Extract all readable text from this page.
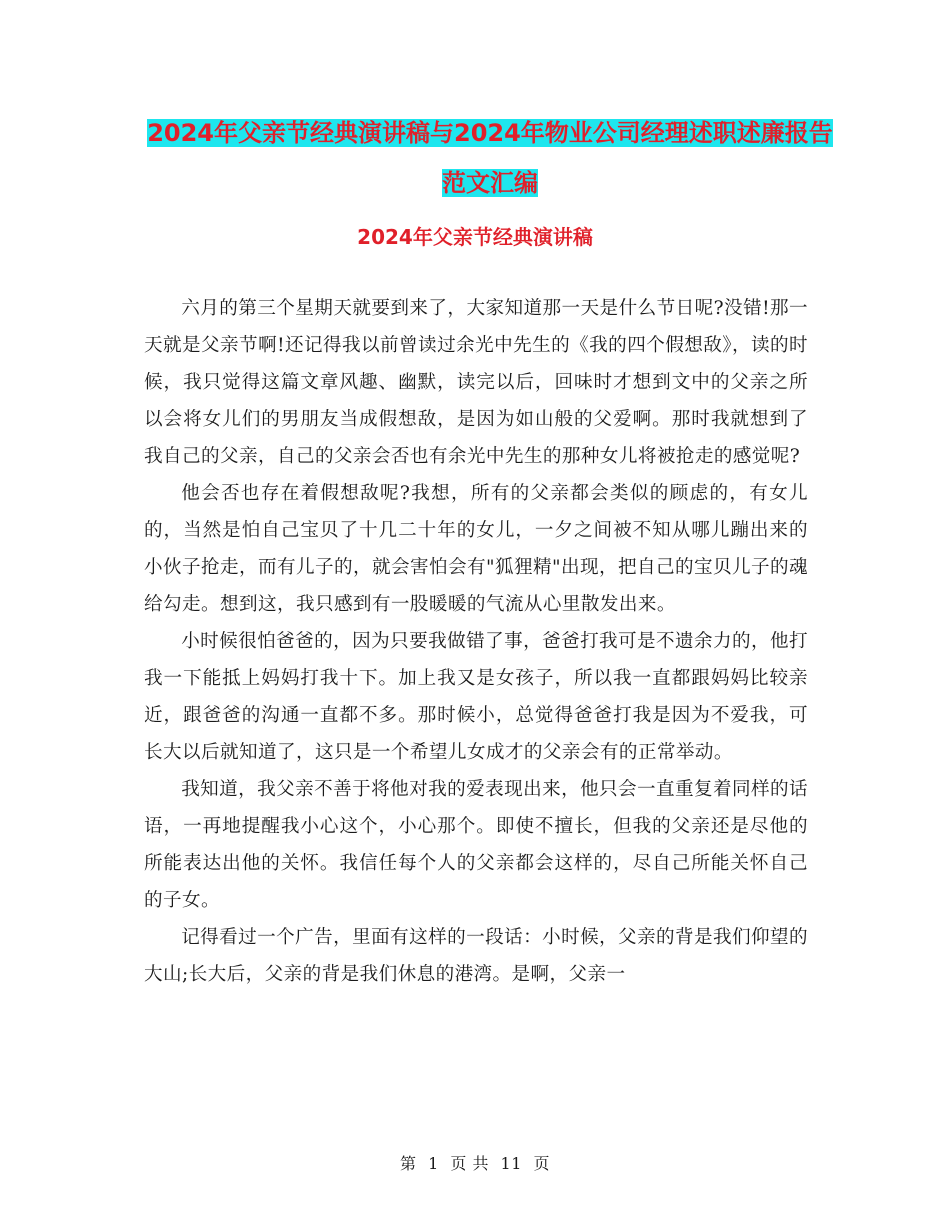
2024年父亲节经典演讲稿与2024年物业公司经理述职述廉报告范文汇编
2024年父亲节经典演讲稿

六月的第三个星期天就要到来了，大家知道那一天是什么节日呢?没错!那一天就是父亲节啊!还记得我以前曾读过余光中先生的《我的四个假想敌》，读的时候，我只觉得这篇文章风趣、幽默，读完以后，回味时才想到文中的父亲之所以会将女儿们的男朋友当成假想敌，是因为如山般的父爱啊。那时我就想到了我自己的父亲，自己的父亲会否也有余光中先生的那种女儿将被抢走的感觉呢?

他会否也存在着假想敌呢?我想，所有的父亲都会类似的顾虑的，有女儿的，当然是怕自己宝贝了十几二十年的女儿，一夕之间被不知从哪儿蹦出来的小伙子抢走，而有儿子的，就会害怕会有"狐狸精"出现，把自己的宝贝儿子的魂给勾走。想到这，我只感到有一股暖暖的气流从心里散发出来。

小时候很怕爸爸的，因为只要我做错了事，爸爸打我可是不遗余力的，他打我一下能抵上妈妈打我十下。加上我又是女孩子，所以我一直都跟妈妈比较亲近，跟爸爸的沟通一直都不多。那时候小，总觉得爸爸打我是因为不爱我，可长大以后就知道了，这只是一个希望儿女成才的父亲会有的正常举动。

我知道，我父亲不善于将他对我的爱表现出来，他只会一直重复着同样的话语，一再地提醒我小心这个，小心那个。即使不擅长，但我的父亲还是尽他的所能表达出他的关怀。我信任每个人的父亲都会这样的，尽自己所能关怀自己的子女。

记得看过一个广告，里面有这样的一段话：小时候，父亲的背是我们仰望的大山;长大后，父亲的背是我们休息的港湾。是啊，父亲一

第 1 页 共 11 页
